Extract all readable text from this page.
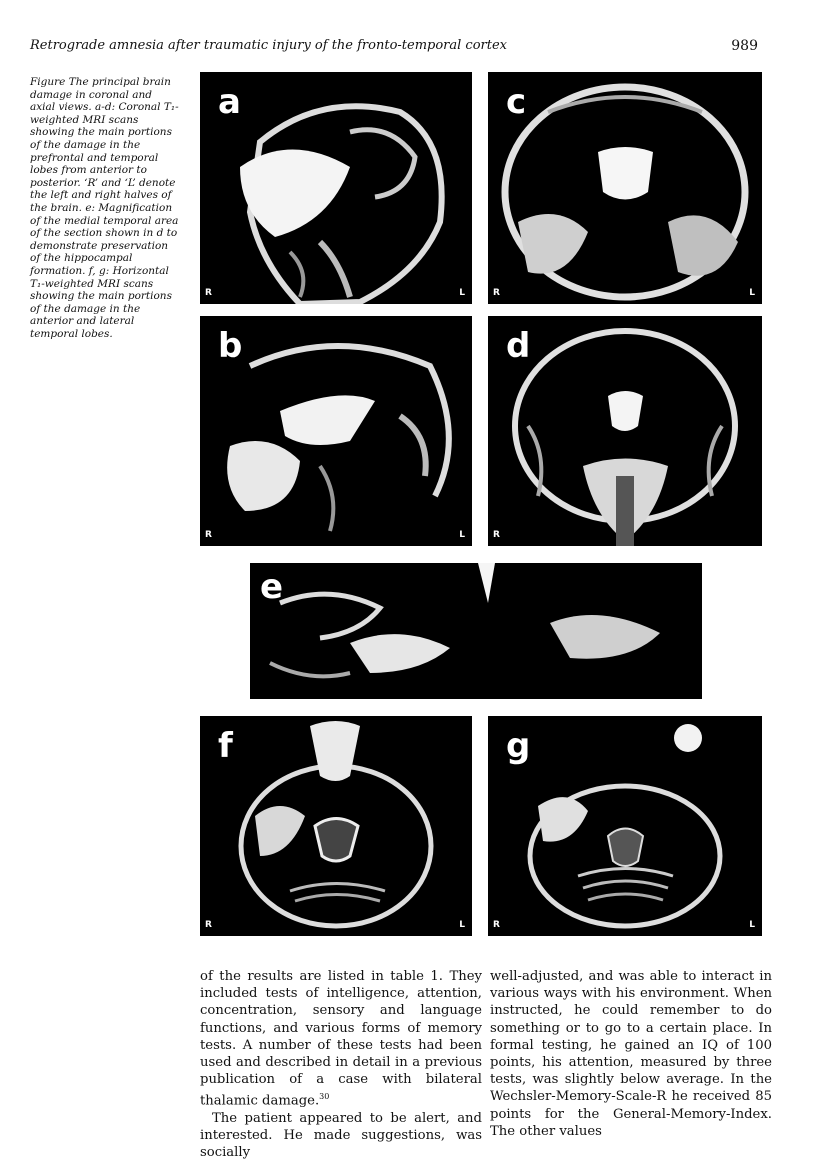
Retrograde amnesia after traumatic injury of the fronto-temporal cortex	989
Figure The principal brain damage in coronal and axial views. a-d: Coronal T₁-weighted MRI scans showing the main portions of the damage in the prefrontal and temporal lobes from anterior to posterior. ‘R’ and ‘L’ denote the left and right halves of the brain. e: Magnification of the medial temporal area of the section shown in d to demonstrate preservation of the hippocampal formation. f, g: Horizontal T₁-weighted MRI scans showing the main portions of the damage in the anterior and lateral temporal lobes.
a
R	L
c
R	L
b
R	L
d
R
e
f
R	L
g
R	L

of the results are listed in table 1. They included tests of intelligence, attention, concentration, sensory and language functions, and various forms of memory tests. A number of these tests had been used and described in detail in a previous publication of a case with bilateral thalamic damage.$^{30}$

The patient appeared to be alert, and interested. He made suggestions, was socially

well-adjusted, and was able to interact in various ways with his environment. When instructed, he could remember to do something or to go to a certain place. In formal testing, he gained an IQ of 100 points, his attention, measured by three tests, was slightly below average. In the Wechsler-Memory-Scale-R he received 85 points for the General-Memory-Index. The other values
